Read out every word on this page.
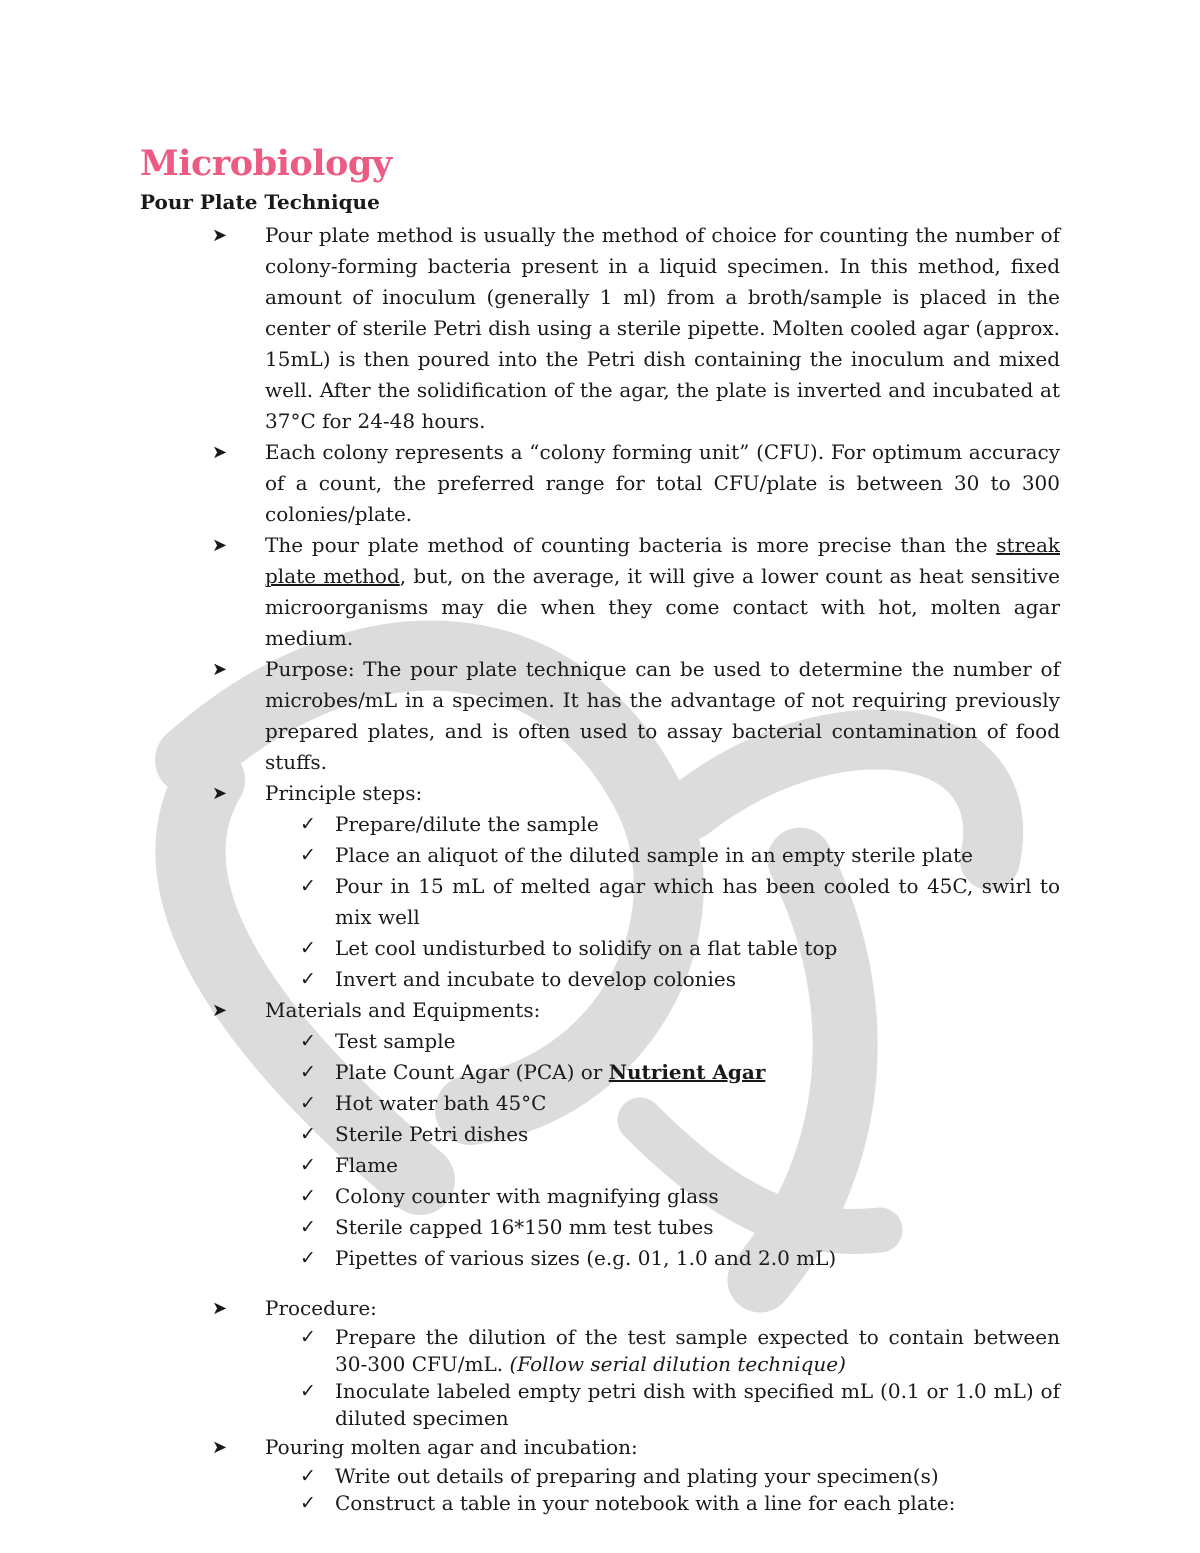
Microbiology
Pour Plate Technique
➤ Pour plate method is usually the method of choice for counting the number of colony-forming bacteria present in a liquid specimen. In this method, fixed amount of inoculum (generally 1 ml) from a broth/sample is placed in the center of sterile Petri dish using a sterile pipette. Molten cooled agar (approx. 15mL) is then poured into the Petri dish containing the inoculum and mixed well. After the solidification of the agar, the plate is inverted and incubated at 37°C for 24-48 hours.
➤ Each colony represents a “colony forming unit” (CFU). For optimum accuracy of a count, the preferred range for total CFU/plate is between 30 to 300 colonies/plate.
➤ The pour plate method of counting bacteria is more precise than the streak plate method, but, on the average, it will give a lower count as heat sensitive microorganisms may die when they come contact with hot, molten agar medium.
➤ Purpose: The pour plate technique can be used to determine the number of microbes/mL in a specimen. It has the advantage of not requiring previously prepared plates, and is often used to assay bacterial contamination of food stuffs.
➤ Principle steps:
✓ Prepare/dilute the sample
✓ Place an aliquot of the diluted sample in an empty sterile plate
✓ Pour in 15 mL of melted agar which has been cooled to 45C, swirl to mix well
✓ Let cool undisturbed to solidify on a flat table top
✓ Invert and incubate to develop colonies
➤ Materials and Equipments:
✓ Test sample
✓ Plate Count Agar (PCA) or Nutrient Agar
✓ Hot water bath 45°C
✓ Sterile Petri dishes
✓ Flame
✓ Colony counter with magnifying glass
✓ Sterile capped 16*150 mm test tubes
✓ Pipettes of various sizes (e.g. 01, 1.0 and 2.0 mL)
➤ Procedure:
✓ Prepare the dilution of the test sample expected to contain between 30-300 CFU/mL. (Follow serial dilution technique)
✓ Inoculate labeled empty petri dish with specified mL (0.1 or 1.0 mL) of diluted specimen
➤ Pouring molten agar and incubation:
✓ Write out details of preparing and plating your specimen(s)
✓ Construct a table in your notebook with a line for each plate:
